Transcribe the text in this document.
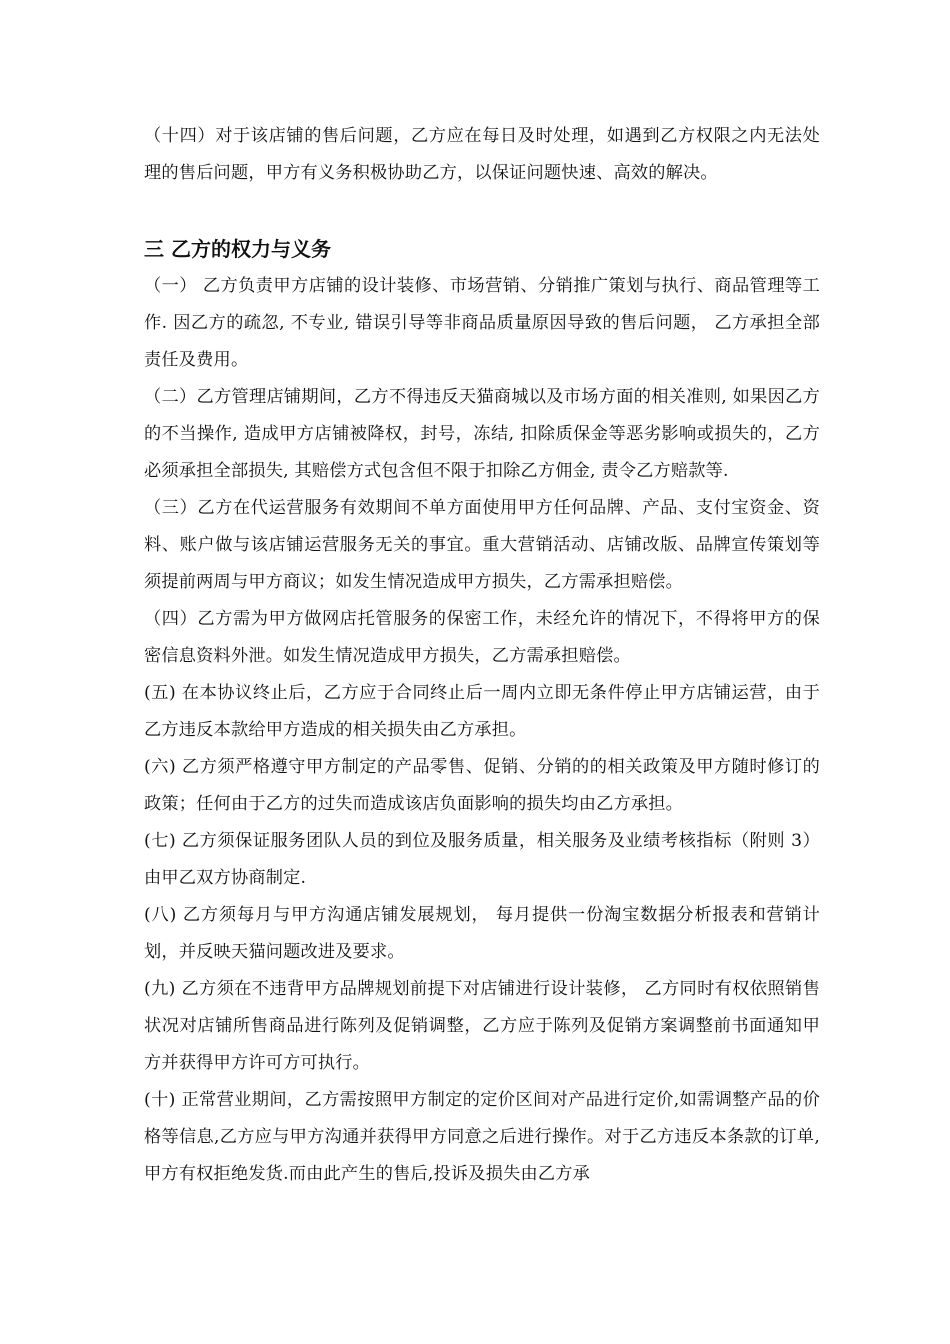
（十四）对于该店铺的售后问题，乙方应在每日及时处理，如遇到乙方权限之内无法处理的售后问题，甲方有义务积极协助乙方，以保证问题快速、高效的解决。

三 乙方的权力与义务

（一） 乙方负责甲方店铺的设计装修、市场营销、分销推广策划与执行、商品管理等工作. 因乙方的疏忽, 不专业, 错误引导等非商品质量原因导致的售后问题， 乙方承担全部责任及费用。

（二）乙方管理店铺期间，乙方不得违反天猫商城以及市场方面的相关准则, 如果因乙方的不当操作, 造成甲方店铺被降权，封号，冻结, 扣除质保金等恶劣影响或损失的，乙方必须承担全部损失, 其赔偿方式包含但不限于扣除乙方佣金, 责令乙方赔款等.

（三）乙方在代运营服务有效期间不单方面使用甲方任何品牌、产品、支付宝资金、资料、账户做与该店铺运营服务无关的事宜。重大营销活动、店铺改版、品牌宣传策划等须提前两周与甲方商议；如发生情况造成甲方损失，乙方需承担赔偿。

（四）乙方需为甲方做网店托管服务的保密工作，未经允许的情况下，不得将甲方的保密信息资料外泄。如发生情况造成甲方损失，乙方需承担赔偿。

(五) 在本协议终止后，乙方应于合同终止后一周内立即无条件停止甲方店铺运营，由于乙方违反本款给甲方造成的相关损失由乙方承担。

(六) 乙方须严格遵守甲方制定的产品零售、促销、分销的的相关政策及甲方随时修订的政策；任何由于乙方的过失而造成该店负面影响的损失均由乙方承担。

(七) 乙方须保证服务团队人员的到位及服务质量，相关服务及业绩考核指标（附则 3）由甲乙双方协商制定.

(八) 乙方须每月与甲方沟通店铺发展规划， 每月提供一份淘宝数据分析报表和营销计划，并反映天猫问题改进及要求。

(九) 乙方须在不违背甲方品牌规划前提下对店铺进行设计装修， 乙方同时有权依照销售状况对店铺所售商品进行陈列及促销调整，乙方应于陈列及促销方案调整前书面通知甲方并获得甲方许可方可执行。

(十) 正常营业期间，乙方需按照甲方制定的定价区间对产品进行定价,如需调整产品的价格等信息,乙方应与甲方沟通并获得甲方同意之后进行操作。对于乙方违反本条款的订单,甲方有权拒绝发货.而由此产生的售后,投诉及损失由乙方承
